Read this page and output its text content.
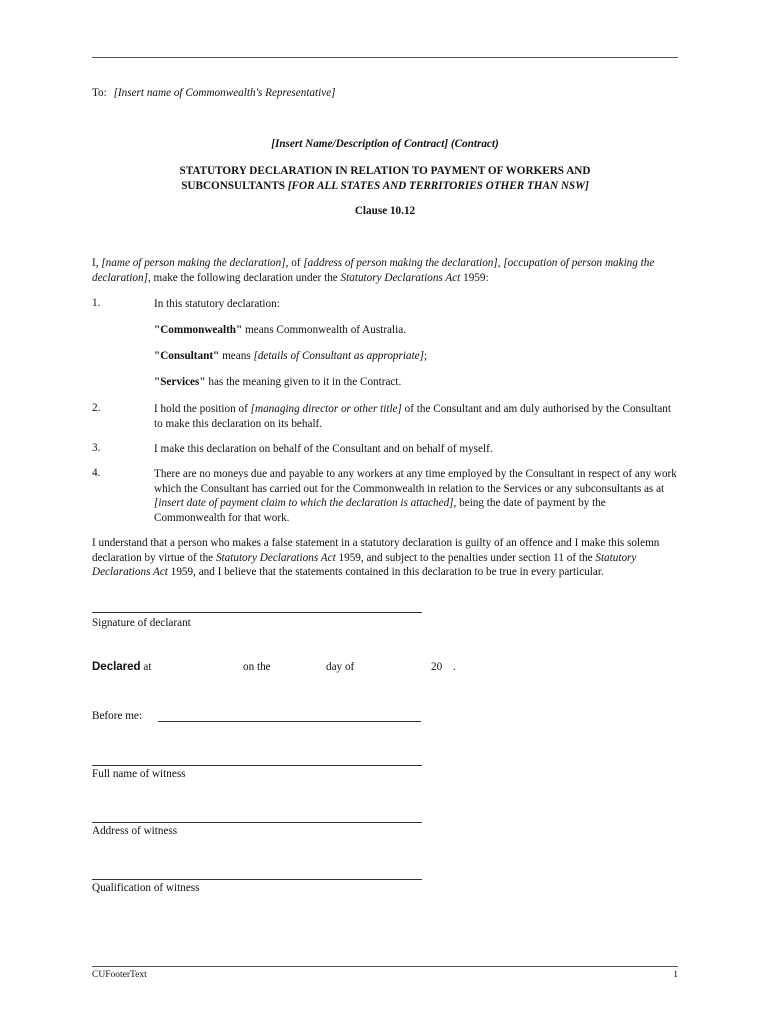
To: [Insert name of Commonwealth's Representative]
[Insert Name/Description of Contract] (Contract)
STATUTORY DECLARATION IN RELATION TO PAYMENT OF WORKERS AND
SUBCONSULTANTS [FOR ALL STATES AND TERRITORIES OTHER THAN NSW]
Clause 10.12
I, [name of person making the declaration], of [address of person making the declaration], [occupation of person making the declaration], make the following declaration under the Statutory Declarations Act 1959:
1.	In this statutory declaration:
"Commonwealth" means Commonwealth of Australia.
"Consultant" means [details of Consultant as appropriate];
"Services" has the meaning given to it in the Contract.
2.	I hold the position of [managing director or other title] of the Consultant and am duly authorised by the Consultant to make this declaration on its behalf.
3.	I make this declaration on behalf of the Consultant and on behalf of myself.
4.	There are no moneys due and payable to any workers at any time employed by the Consultant in respect of any work which the Consultant has carried out for the Commonwealth in relation to the Services or any subconsultants as at [insert date of payment claim to which the declaration is attached], being the date of payment by the Commonwealth for that work.
I understand that a person who makes a false statement in a statutory declaration is guilty of an offence and I make this solemn declaration by virtue of the Statutory Declarations Act 1959, and subject to the penalties under section 11 of the Statutory Declarations Act 1959, and I believe that the statements contained in this declaration to be true in every particular.
Signature of declarant
Declared at	on the	day of	20 .
Before me:
Full name of witness
Address of witness
Qualification of witness
CUFooterText	1
